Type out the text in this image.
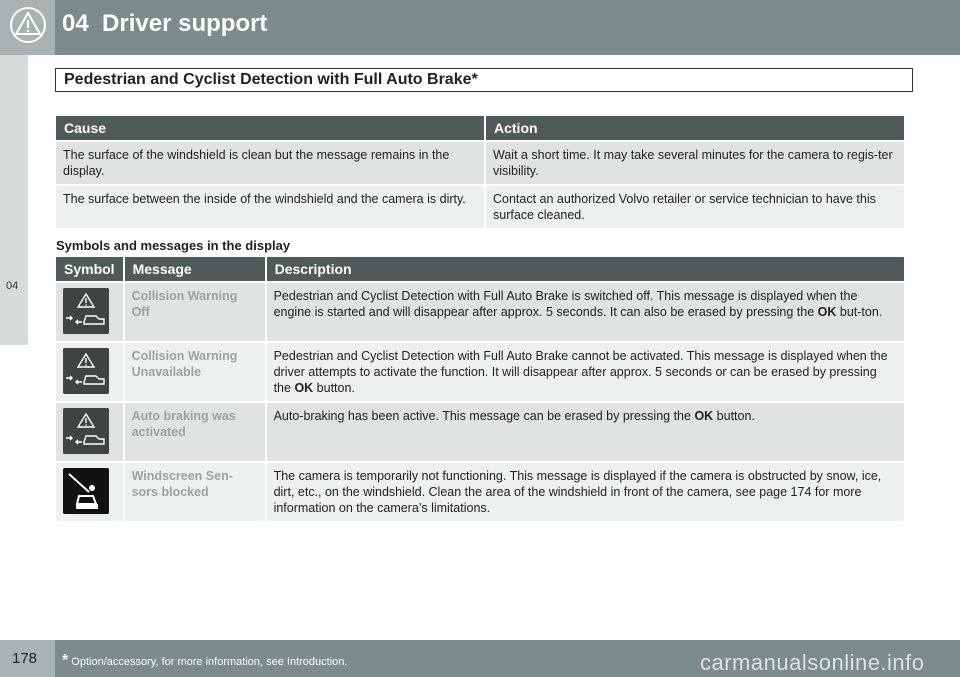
04 Driver support
04
Pedestrian and Cyclist Detection with Full Auto Brake*
Cause	Action
The surface of the windshield is clean but the message remains in the display.	Wait a short time. It may take several minutes for the camera to regis-ter visibility.
The surface between the inside of the windshield and the camera is dirty.	Contact an authorized Volvo retailer or service technician to have this surface cleaned.
Symbols and messages in the display
Symbol	Message	Description

	Collision Warning Off	Pedestrian and Cyclist Detection with Full Auto Brake is switched off. This message is displayed when the engine is started and will disappear after approx. 5 seconds. It can also be erased by pressing the OK but-ton.

	Collision Warning Unavailable	Pedestrian and Cyclist Detection with Full Auto Brake cannot be activated. This message is displayed when the driver attempts to activate the function. It will disappear after approx. 5 seconds or can be erased by pressing the OK button.

	Auto braking was activated	Auto-braking has been active. This message can be erased by pressing the OK button.

	Windscreen Sen-sors blocked	The camera is temporarily not functioning. This message is displayed if the camera is obstructed by snow, ice, dirt, etc., on the windshield. Clean the area of the windshield in front of the camera, see page 174 for more information on the camera’s limitations.
178 * Option/accessory, for more information, see Introduction.	carmanualsonline.info
